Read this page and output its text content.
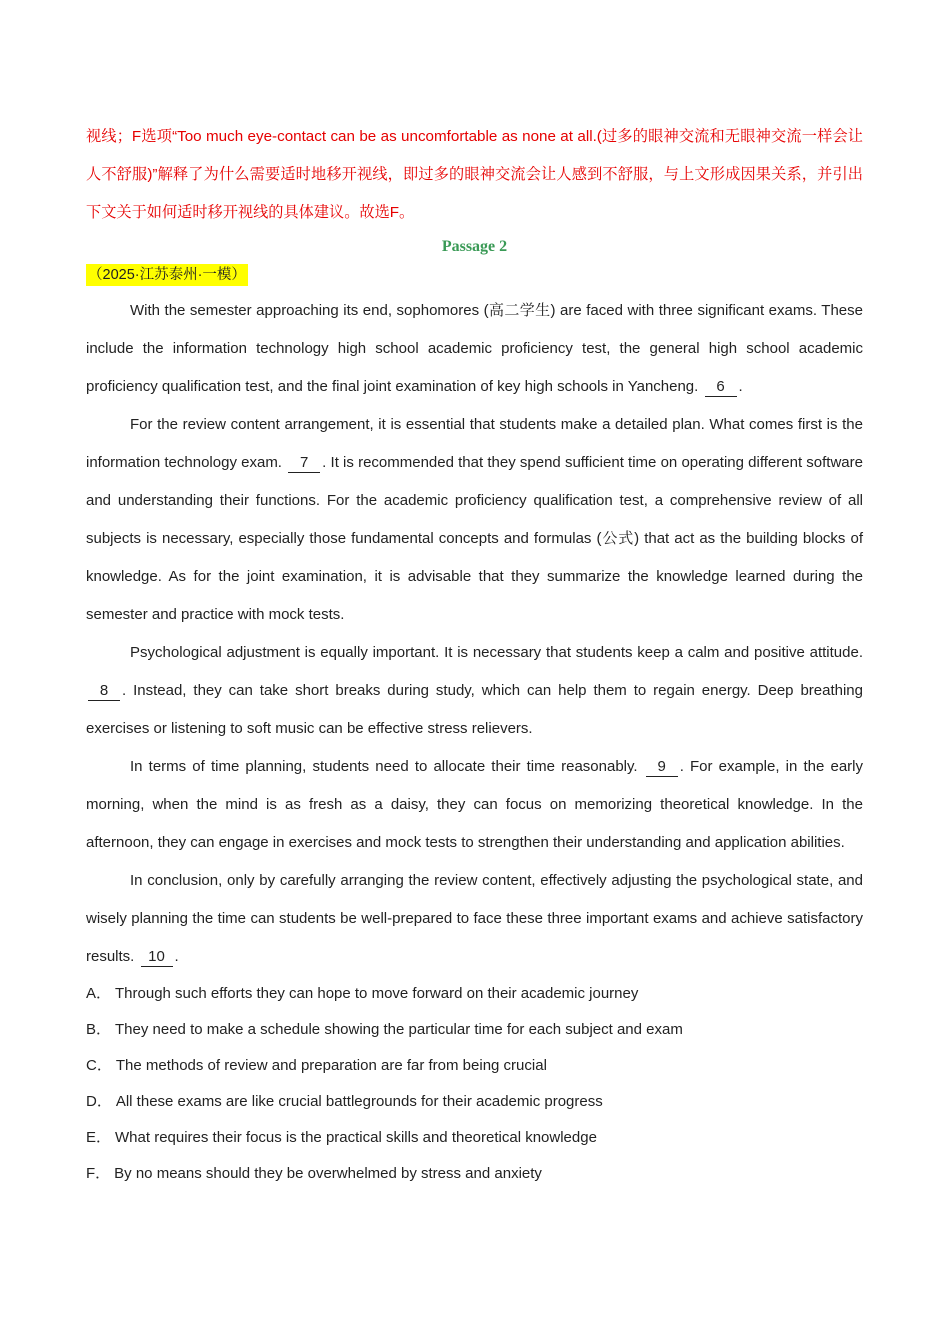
视线；F选项“Too much eye-contact can be as uncomfortable as none at all.(过多的眼神交流和无眼神交流一样会让人不舒服)”解释了为什么需要适时地移开视线，即过多的眼神交流会让人感到不舒服，与上文形成因果关系，并引出下文关于如何适时移开视线的具体建议。故选F。

Passage 2
（2025·江苏泰州·一模）

With the semester approaching its end, sophomores (高二学生) are faced with three significant exams. These include the information technology high school academic proficiency test, the general high school academic proficiency qualification test, and the final joint examination of key high schools in Yancheng. 6 .

For the review content arrangement, it is essential that students make a detailed plan. What comes first is the information technology exam. 7 . It is recommended that they spend sufficient time on operating different software and understanding their functions. For the academic proficiency qualification test, a comprehensive review of all subjects is necessary, especially those fundamental concepts and formulas (公式) that act as the building blocks of knowledge. As for the joint examination, it is advisable that they summarize the knowledge learned during the semester and practice with mock tests.

Psychological adjustment is equally important. It is necessary that students keep a calm and positive attitude. 8 . Instead, they can take short breaks during study, which can help them to regain energy. Deep breathing exercises or listening to soft music can be effective stress relievers.

In terms of time planning, students need to allocate their time reasonably. 9 . For example, in the early morning, when the mind is as fresh as a daisy, they can focus on memorizing theoretical knowledge. In the afternoon, they can engage in exercises and mock tests to strengthen their understanding and application abilities.

In conclusion, only by carefully arranging the review content, effectively adjusting the psychological state, and wisely planning the time can students be well-prepared to face these three important exams and achieve satisfactory results. 10 .

A． Through such efforts they can hope to move forward on their academic journey

B． They need to make a schedule showing the particular time for each subject and exam

C． The methods of review and preparation are far from being crucial

D． All these exams are like crucial battlegrounds for their academic progress

E． What requires their focus is the practical skills and theoretical knowledge

F． By no means should they be overwhelmed by stress and anxiety
